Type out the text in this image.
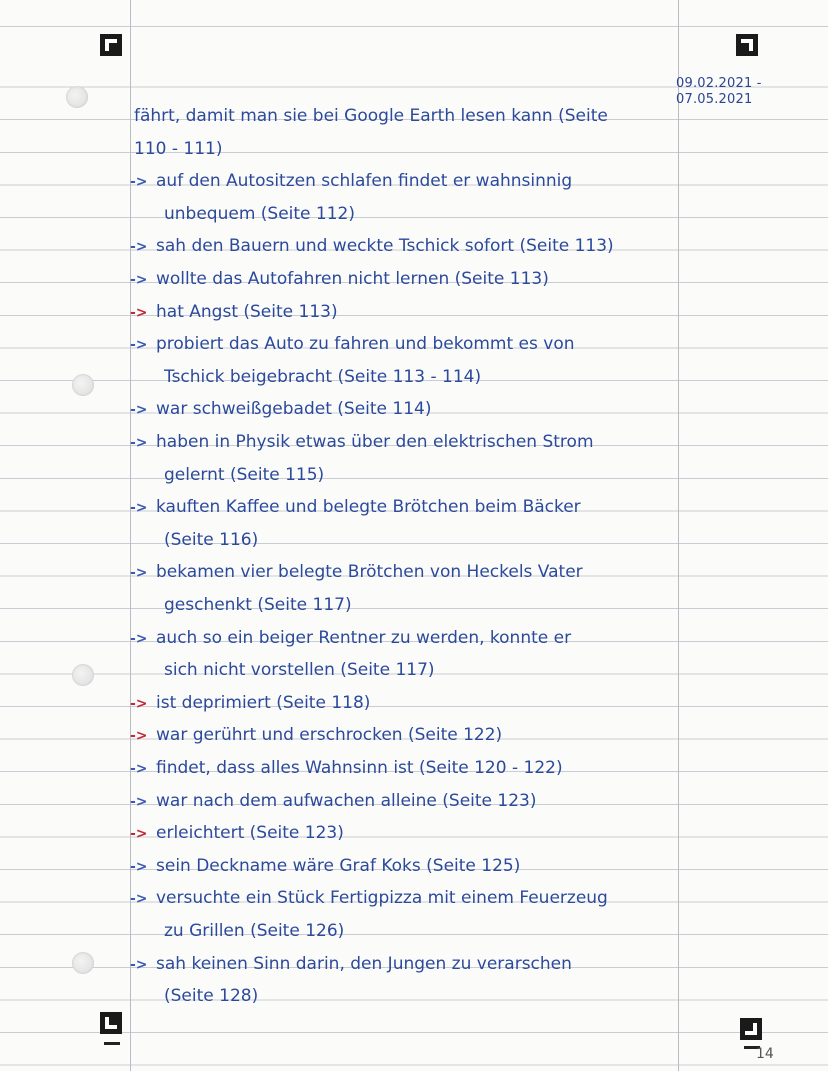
09.02.2021 -
07.05.2021
14
fährt, damit man sie bei Google Earth lesen kann (Seite
110 - 111)
-> auf den Autositzen schlafen findet er wahnsinnig
unbequem (Seite 112)
-> sah den Bauern und weckte Tschick sofort (Seite 113)
-> wollte das Autofahren nicht lernen (Seite 113)
-> hat Angst (Seite 113)
-> probiert das Auto zu fahren und bekommt es von
Tschick beigebracht (Seite 113 - 114)
-> war schweißgebadet (Seite 114)
-> haben in Physik etwas über den elektrischen Strom
gelernt (Seite 115)
-> kauften Kaffee und belegte Brötchen beim Bäcker
(Seite 116)
-> bekamen vier belegte Brötchen von Heckels Vater
geschenkt (Seite 117)
-> auch so ein beiger Rentner zu werden, konnte er
sich nicht vorstellen (Seite 117)
-> ist deprimiert (Seite 118)
-> war gerührt und erschrocken (Seite 122)
-> findet, dass alles Wahnsinn ist (Seite 120 - 122)
-> war nach dem aufwachen alleine (Seite 123)
-> erleichtert (Seite 123)
-> sein Deckname wäre Graf Koks (Seite 125)
-> versuchte ein Stück Fertigpizza mit einem Feuerzeug
zu Grillen (Seite 126)
-> sah keinen Sinn darin, den Jungen zu verarschen
(Seite 128)
